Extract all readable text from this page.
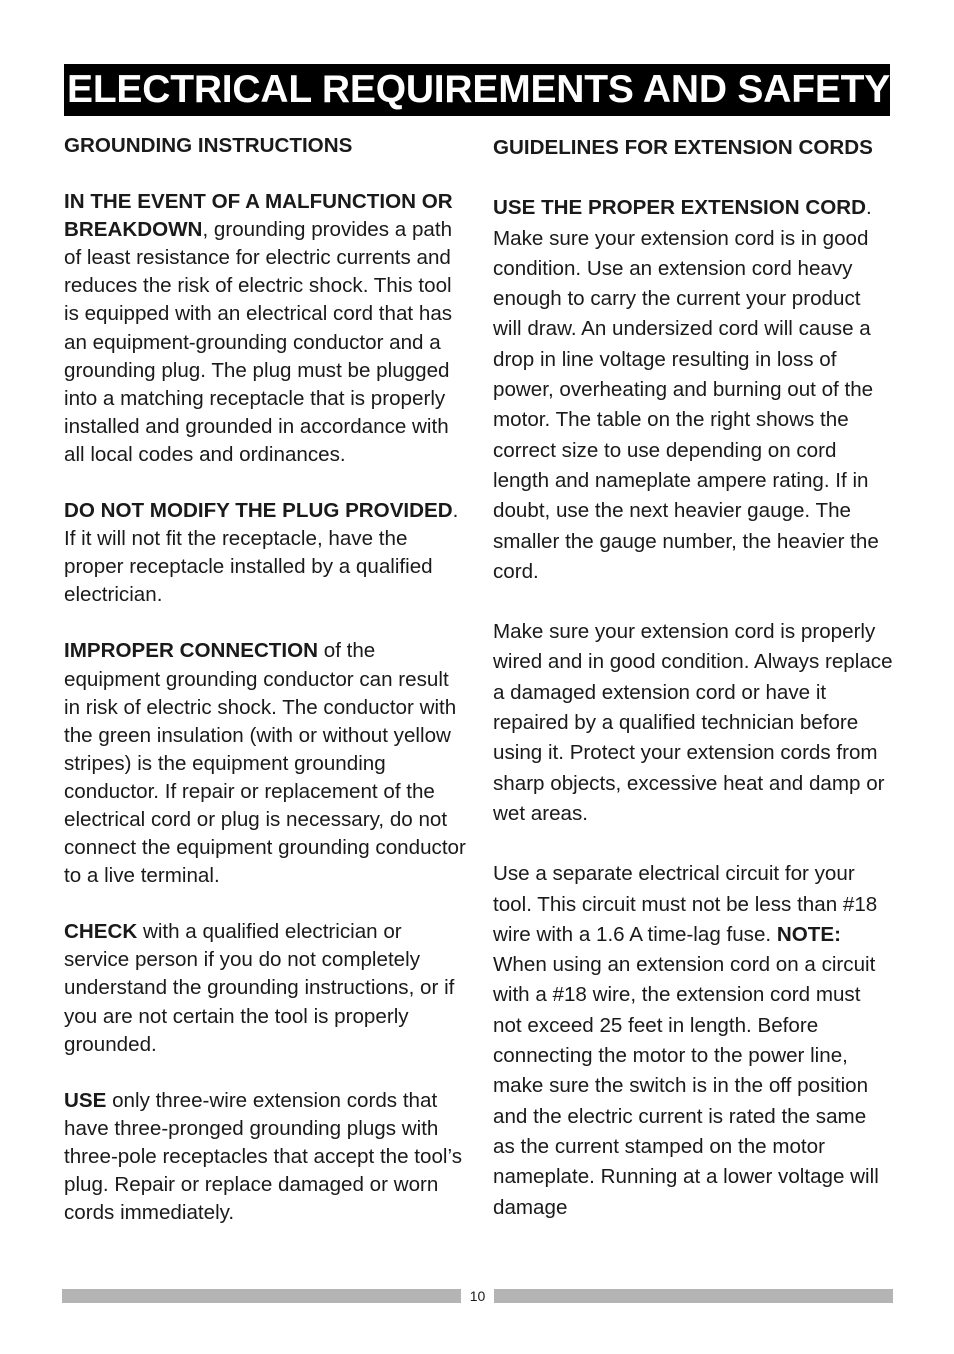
ELECTRICAL REQUIREMENTS AND SAFETY

GROUNDING INSTRUCTIONS

IN THE EVENT OF A MALFUNCTION OR BREAKDOWN, grounding provides a path of least resistance for electric currents and reduces the risk of electric shock. This tool is equipped with an electrical cord that has an equipment-grounding conductor and a grounding plug. The plug must be plugged into a matching receptacle that is properly installed and grounded in accordance with all local codes and ordinances.

DO NOT MODIFY THE PLUG PROVIDED. If it will not fit the receptacle, have the proper receptacle installed by a qualified electrician.

IMPROPER CONNECTION of the equipment grounding conductor can result in risk of electric shock. The conductor with the green insulation (with or without yellow stripes) is the equipment grounding conductor. If repair or replacement of the electrical cord or plug is necessary, do not connect the equipment grounding conductor to a live terminal.

CHECK with a qualified electrician or service person if you do not completely understand the grounding instructions, or if you are not certain the tool is properly grounded.

USE only three-wire extension cords that have three-pronged grounding plugs with three-pole receptacles that accept the tool’s plug. Repair or replace damaged or worn cords immediately.

GUIDELINES FOR EXTENSION CORDS

USE THE PROPER EXTENSION CORD. Make sure your extension cord is in good condition. Use an extension cord heavy enough to carry the current your product will draw. An undersized cord will cause a drop in line voltage resulting in loss of power, overheating and burning out of the motor. The table on the right shows the correct size to use depending on cord length and nameplate ampere rating. If in doubt, use the next heavier gauge. The smaller the gauge number, the heavier the cord.

Make sure your extension cord is properly wired and in good condition. Always replace a damaged extension cord or have it repaired by a qualified technician before using it. Protect your extension cords from sharp objects, excessive heat and damp or wet areas.

Use a separate electrical circuit for your tool. This circuit must not be less than #18 wire with a 1.6 A time-lag fuse. NOTE: When using an extension cord on a circuit with a #18 wire, the extension cord must not exceed 25 feet in length. Before connecting the motor to the power line, make sure the switch is in the off position and the electric current is rated the same as the current stamped on the motor nameplate. Running at a lower voltage will damage

10
